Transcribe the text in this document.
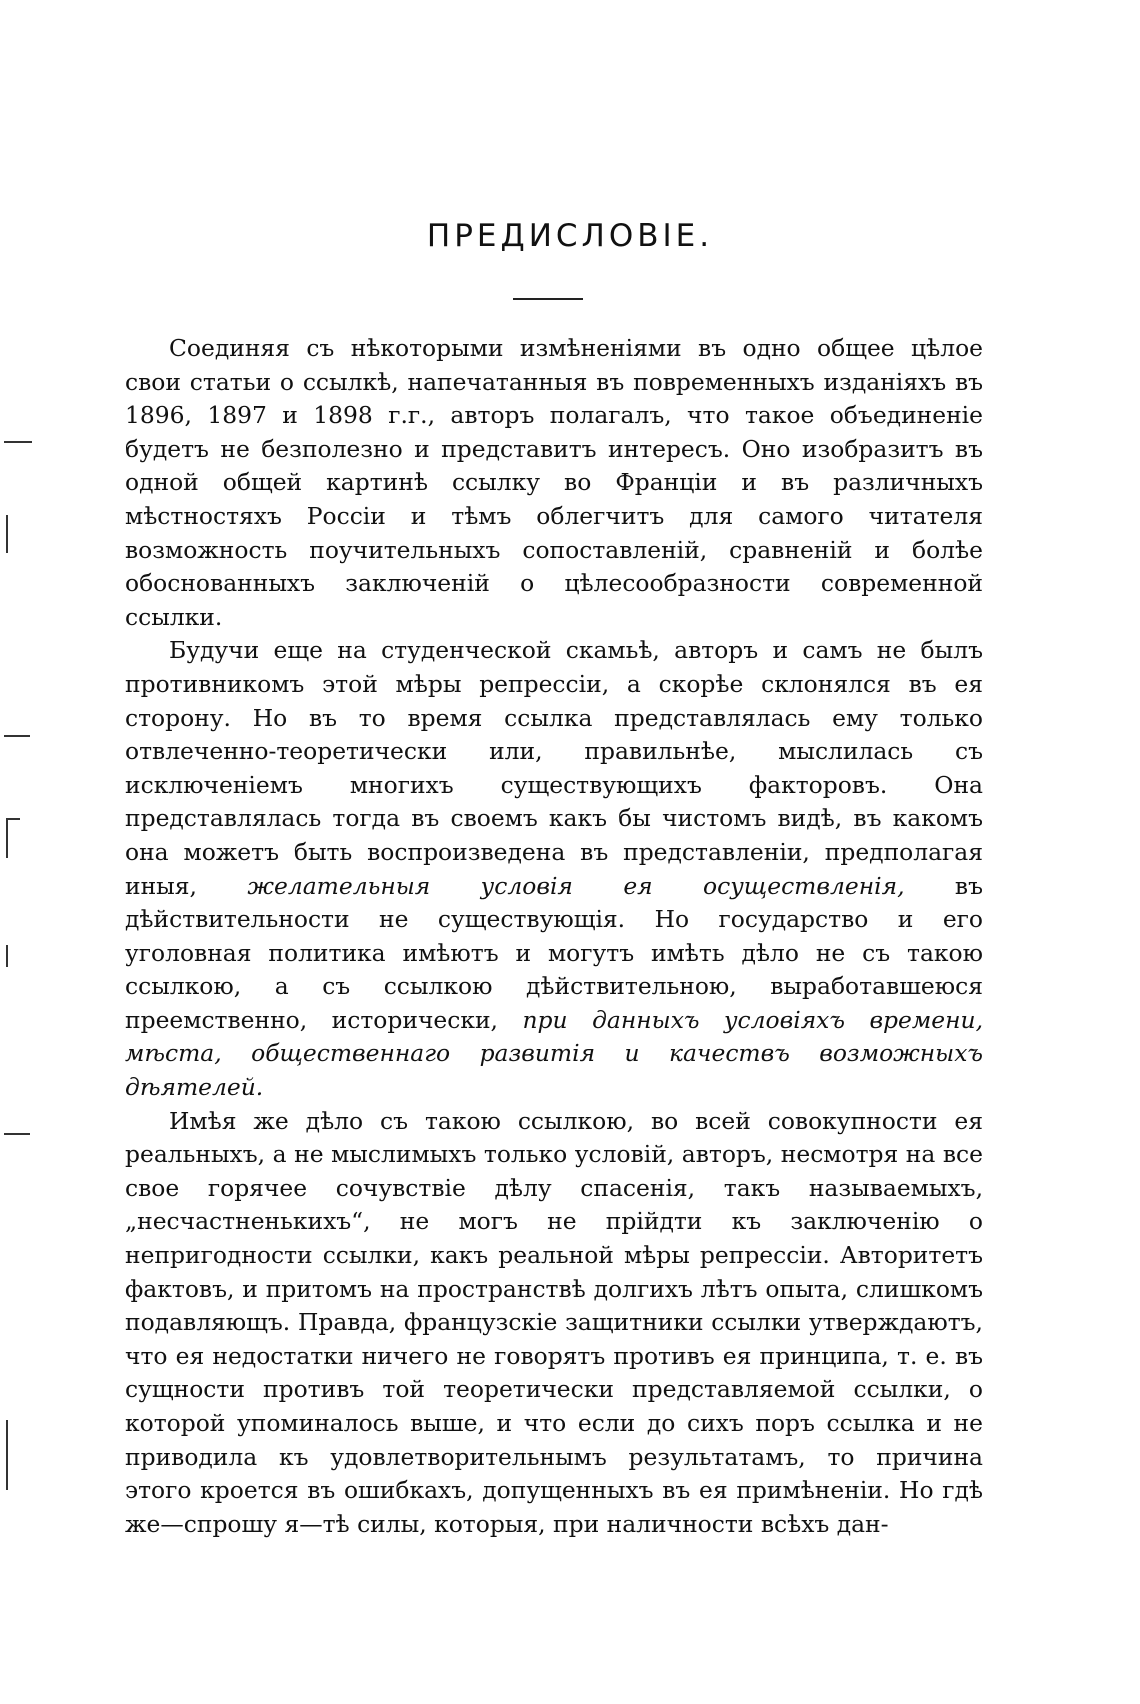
ПРЕДИСЛОВІЕ.

Соединяя съ нѣкоторыми измѣненіями въ одно общее цѣлое свои статьи о ссылкѣ, напечатанныя въ повременныхъ изданіяхъ въ 1896, 1897 и 1898 г.г., авторъ полагалъ, что такое объединеніе будетъ не безполезно и представитъ интересъ. Оно изобразитъ въ одной общей картинѣ ссылку во Франціи и въ различныхъ мѣстностяхъ Россіи и тѣмъ облегчитъ для самого читателя возможность поучительныхъ сопоставленій, сравненій и болѣе обоснованныхъ заключеній о цѣлесообразности современной ссылки.

Будучи еще на студенческой скамьѣ, авторъ и самъ не былъ противникомъ этой мѣры репрессіи, а скорѣе склонялся въ ея сторону. Но въ то время ссылка представлялась ему только отвлеченно-теоретически или, правильнѣе, мыслилась съ исключеніемъ многихъ существующихъ факторовъ. Она представлялась тогда въ своемъ какъ бы чистомъ видѣ, въ какомъ она можетъ быть воспроизведена въ представленіи, предполагая иныя, желательныя условія ея осуществленія, въ дѣйствительности не существующія. Но государство и его уголовная политика имѣютъ и могутъ имѣть дѣло не съ такою ссылкою, а съ ссылкою дѣйствительною, выработавшеюся преемственно, исторически, при данныхъ условіяхъ времени, мѣста, общественнаго развитія и качествъ возможныхъ дѣятелей.

Имѣя же дѣло съ такою ссылкою, во всей совокупности ея реальныхъ, а не мыслимыхъ только условій, авторъ, несмотря на все свое горячее сочувствіе дѣлу спасенія, такъ называемыхъ, „несчастненькихъ“, не могъ не прійдти къ заключенію о непригодности ссылки, какъ реальной мѣры репрессіи. Авторитетъ фактовъ, и притомъ на пространствѣ долгихъ лѣтъ опыта, слишкомъ подавляющъ. Правда, французскіе защитники ссылки утверждаютъ, что ея недостатки ничего не говорятъ противъ ея принципа, т. е. въ сущности противъ той теоретически представляемой ссылки, о которой упоминалось выше, и что если до сихъ поръ ссылка и не приводила къ удовлетворительнымъ результатамъ, то причина этого кроется въ ошибкахъ, допущенныхъ въ ея примѣненіи. Но гдѣ же—спрошу я—тѣ силы, которыя, при наличности всѣхъ дан-
